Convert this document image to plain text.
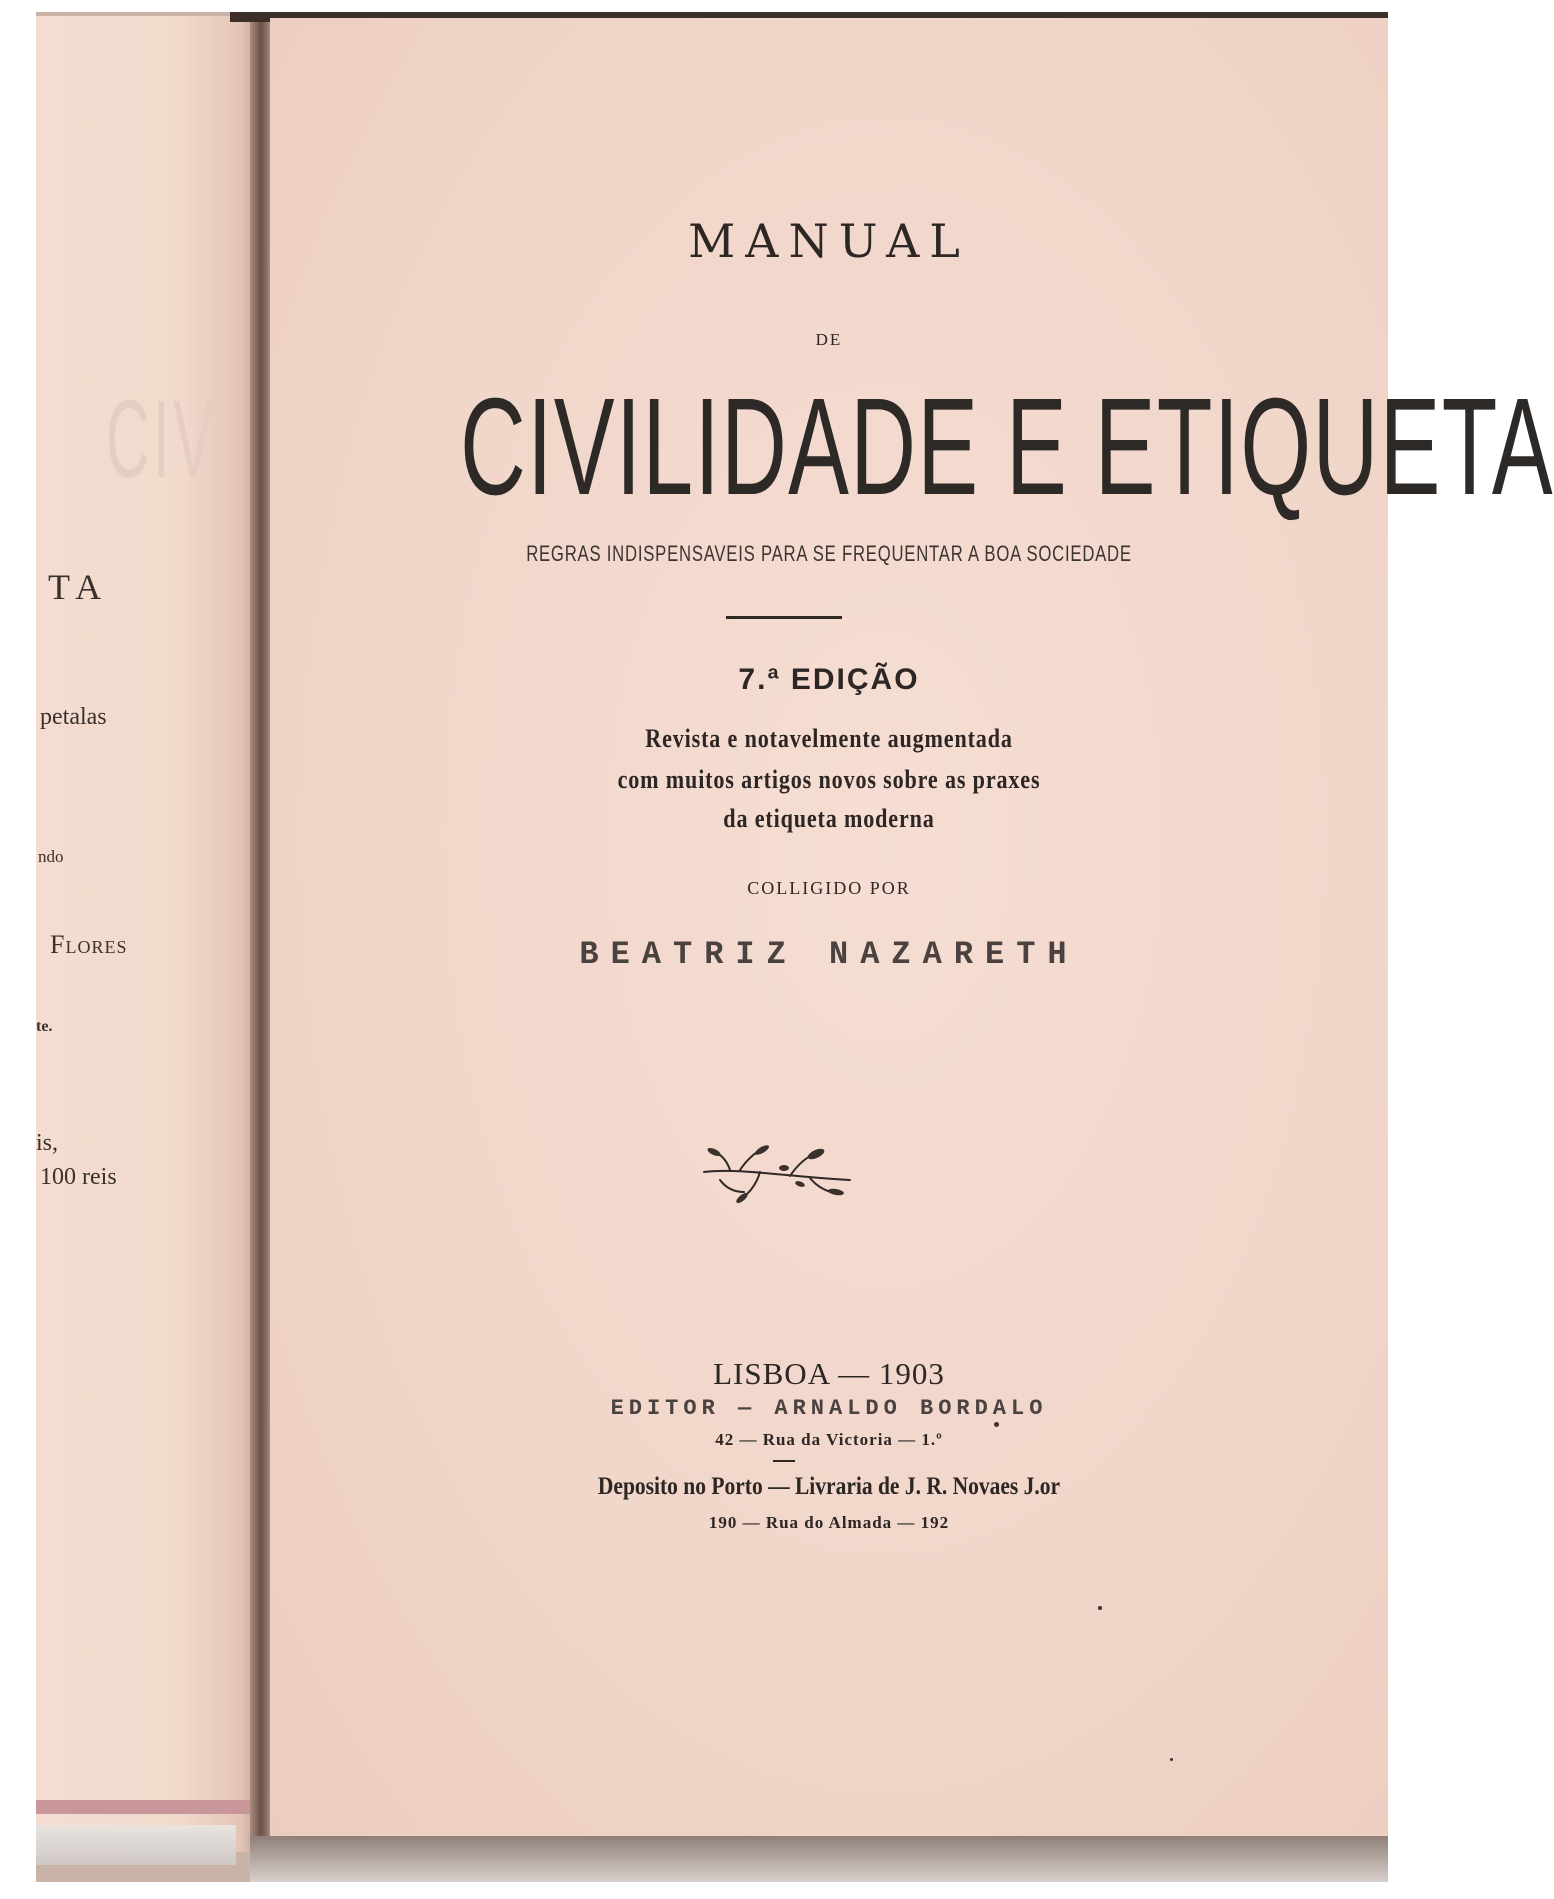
CIV
TA
petalas
ndo
Flores
te.
is,
100 reis
MANUAL
DE
CIVILIDADE E ETIQUETA
REGRAS INDISPENSAVEIS PARA SE FREQUENTAR A BOA SOCIEDADE
7.ª EDIÇÃO
Revista e notavelmente augmentada
com muitos artigos novos sobre as praxes
da etiqueta moderna
COLLIGIDO POR
BEATRIZ NAZARETH
LISBOA — 1903
EDITOR — ARNALDO BORDALO
42 — Rua da Victoria — 1.º
Deposito no Porto — Livraria de J. R. Novaes J.or
190 — Rua do Almada — 192
